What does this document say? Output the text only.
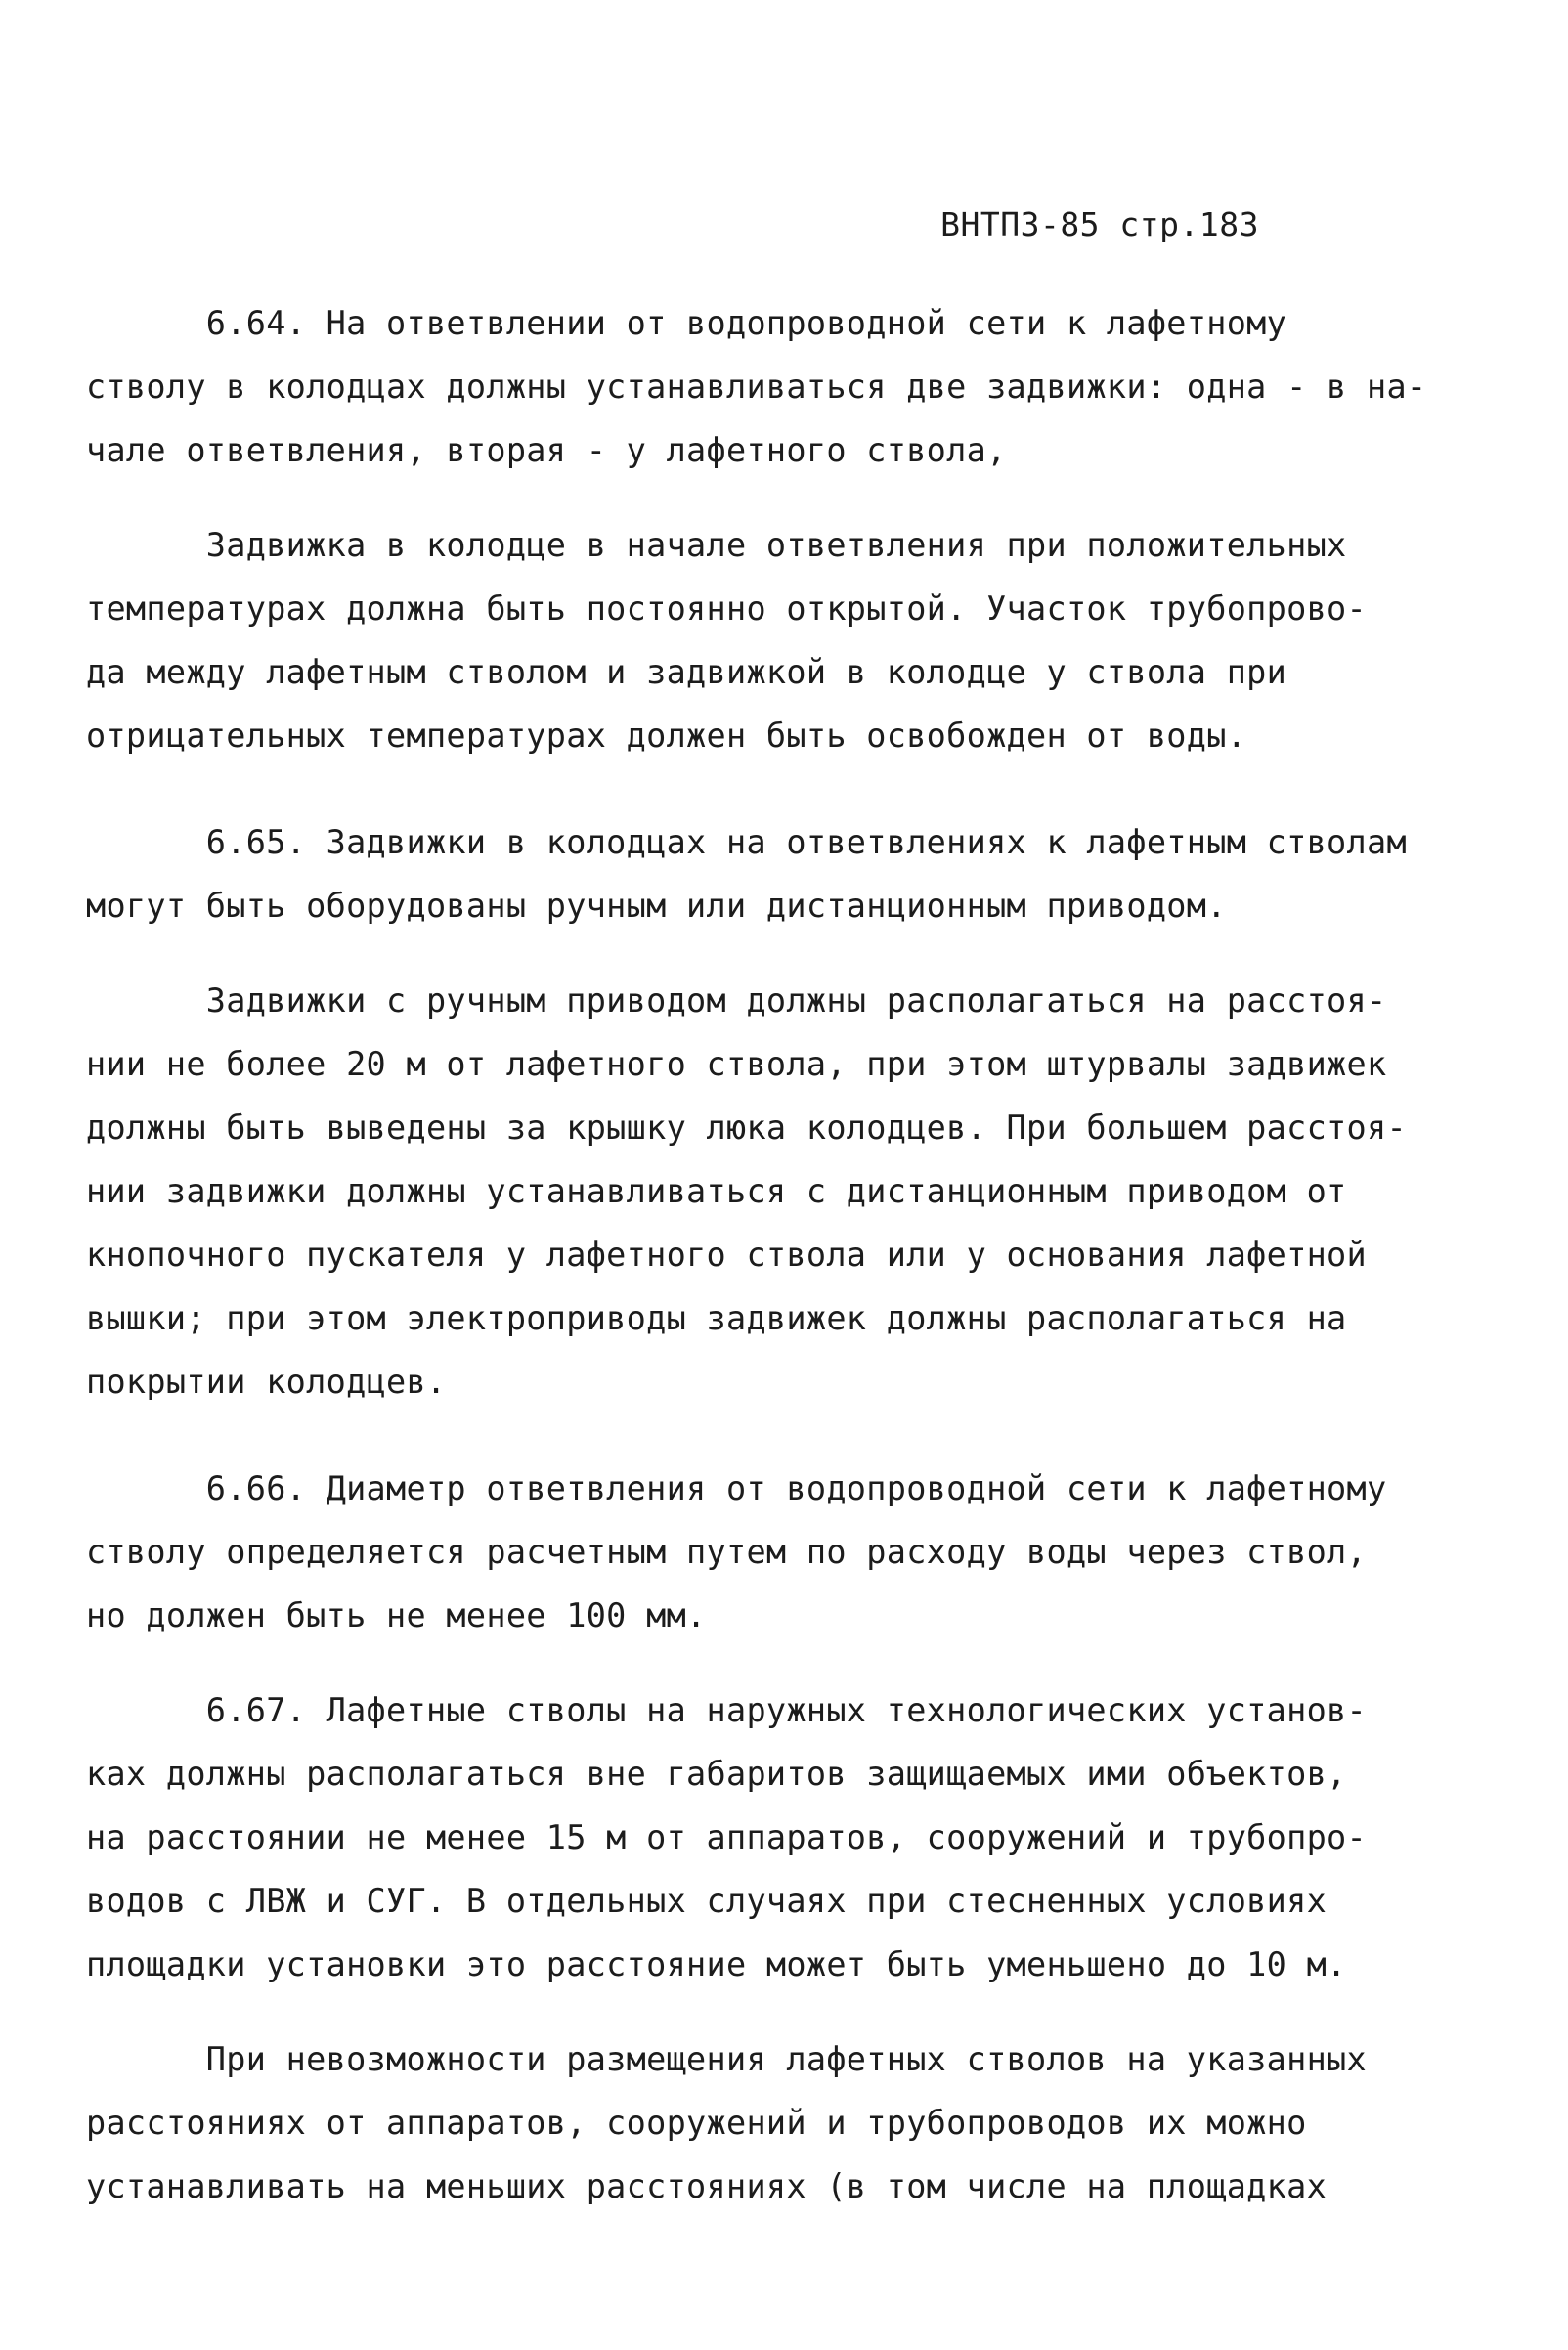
ВНТПЗ-85 стр.183

6.64. На ответвлении от водопроводной сети к лафетному
стволу в колодцах должны устанавливаться две задвижки: одна - в на-
чале ответвления, вторая - у лафетного ствола,

Задвижка в колодце в начале ответвления при положительных
температурах должна быть постоянно открытой. Участок трубопрово-
да между лафетным стволом и задвижкой в колодце у ствола при
отрицательных температурах должен быть освобожден от воды.

6.65. Задвижки в колодцах на ответвлениях к лафетным стволам
могут быть оборудованы ручным или дистанционным приводом.

Задвижки с ручным приводом должны располагаться на расстоя-
нии не более 20 м от лафетного ствола, при этом штурвалы задвижек
должны быть выведены за крышку люка колодцев. При большем расстоя-
нии задвижки должны устанавливаться с дистанционным приводом от
кнопочного пускателя у лафетного ствола или у основания лафетной
вышки; при этом электроприводы задвижек должны располагаться на
покрытии колодцев.

6.66. Диаметр ответвления от водопроводной сети к лафетному
стволу определяется расчетным путем по расходу воды через ствол,
но должен быть не менее 100 мм.

6.67. Лафетные стволы на наружных технологических установ-
ках должны располагаться вне габаритов защищаемых ими объектов,
на расстоянии не менее 15 м от аппаратов, сооружений и трубопро-
водов с ЛВЖ и СУГ. В отдельных случаях при стесненных условиях
площадки установки это расстояние может быть уменьшено до 10 м.

При невозможности размещения лафетных стволов на указанных
расстояниях от аппаратов, сооружений и трубопроводов их можно
устанавливать на меньших расстояниях (в том числе на площадках
